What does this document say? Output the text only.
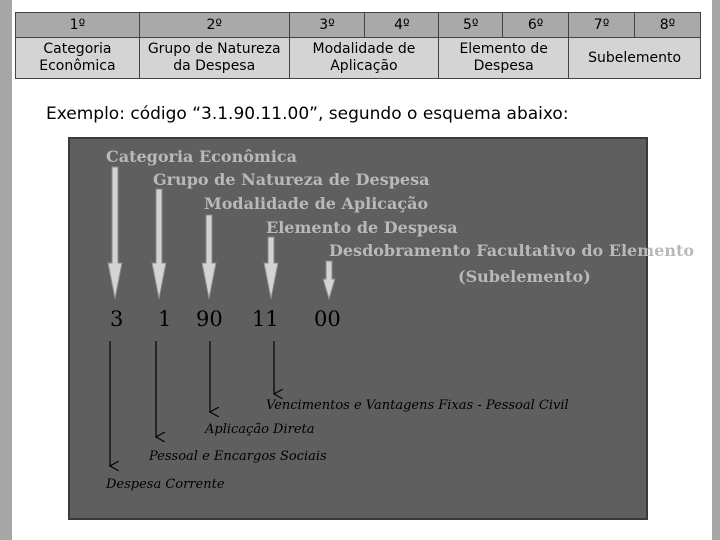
1º	2º	3º	4º	5º	6º	7º	8º
Categoria Econômica	Grupo de Natureza da Despesa	Modalidade de Aplicação		Elemento de Despesa		Subelemento	
Exemplo: código “3.1.90.11.00”, segundo o esquema abaixo:
Categoria Econômica
Grupo de Natureza de Despesa
Modalidade de Aplicação
Elemento de Despesa
Desdobramento Facultativo do Elemento
(Subelemento)
3 1 90 11 00
Vencimentos e Vantagens Fixas - Pessoal Civil
Aplicação Direta
Pessoal e Encargos Sociais
Despesa Corrente
